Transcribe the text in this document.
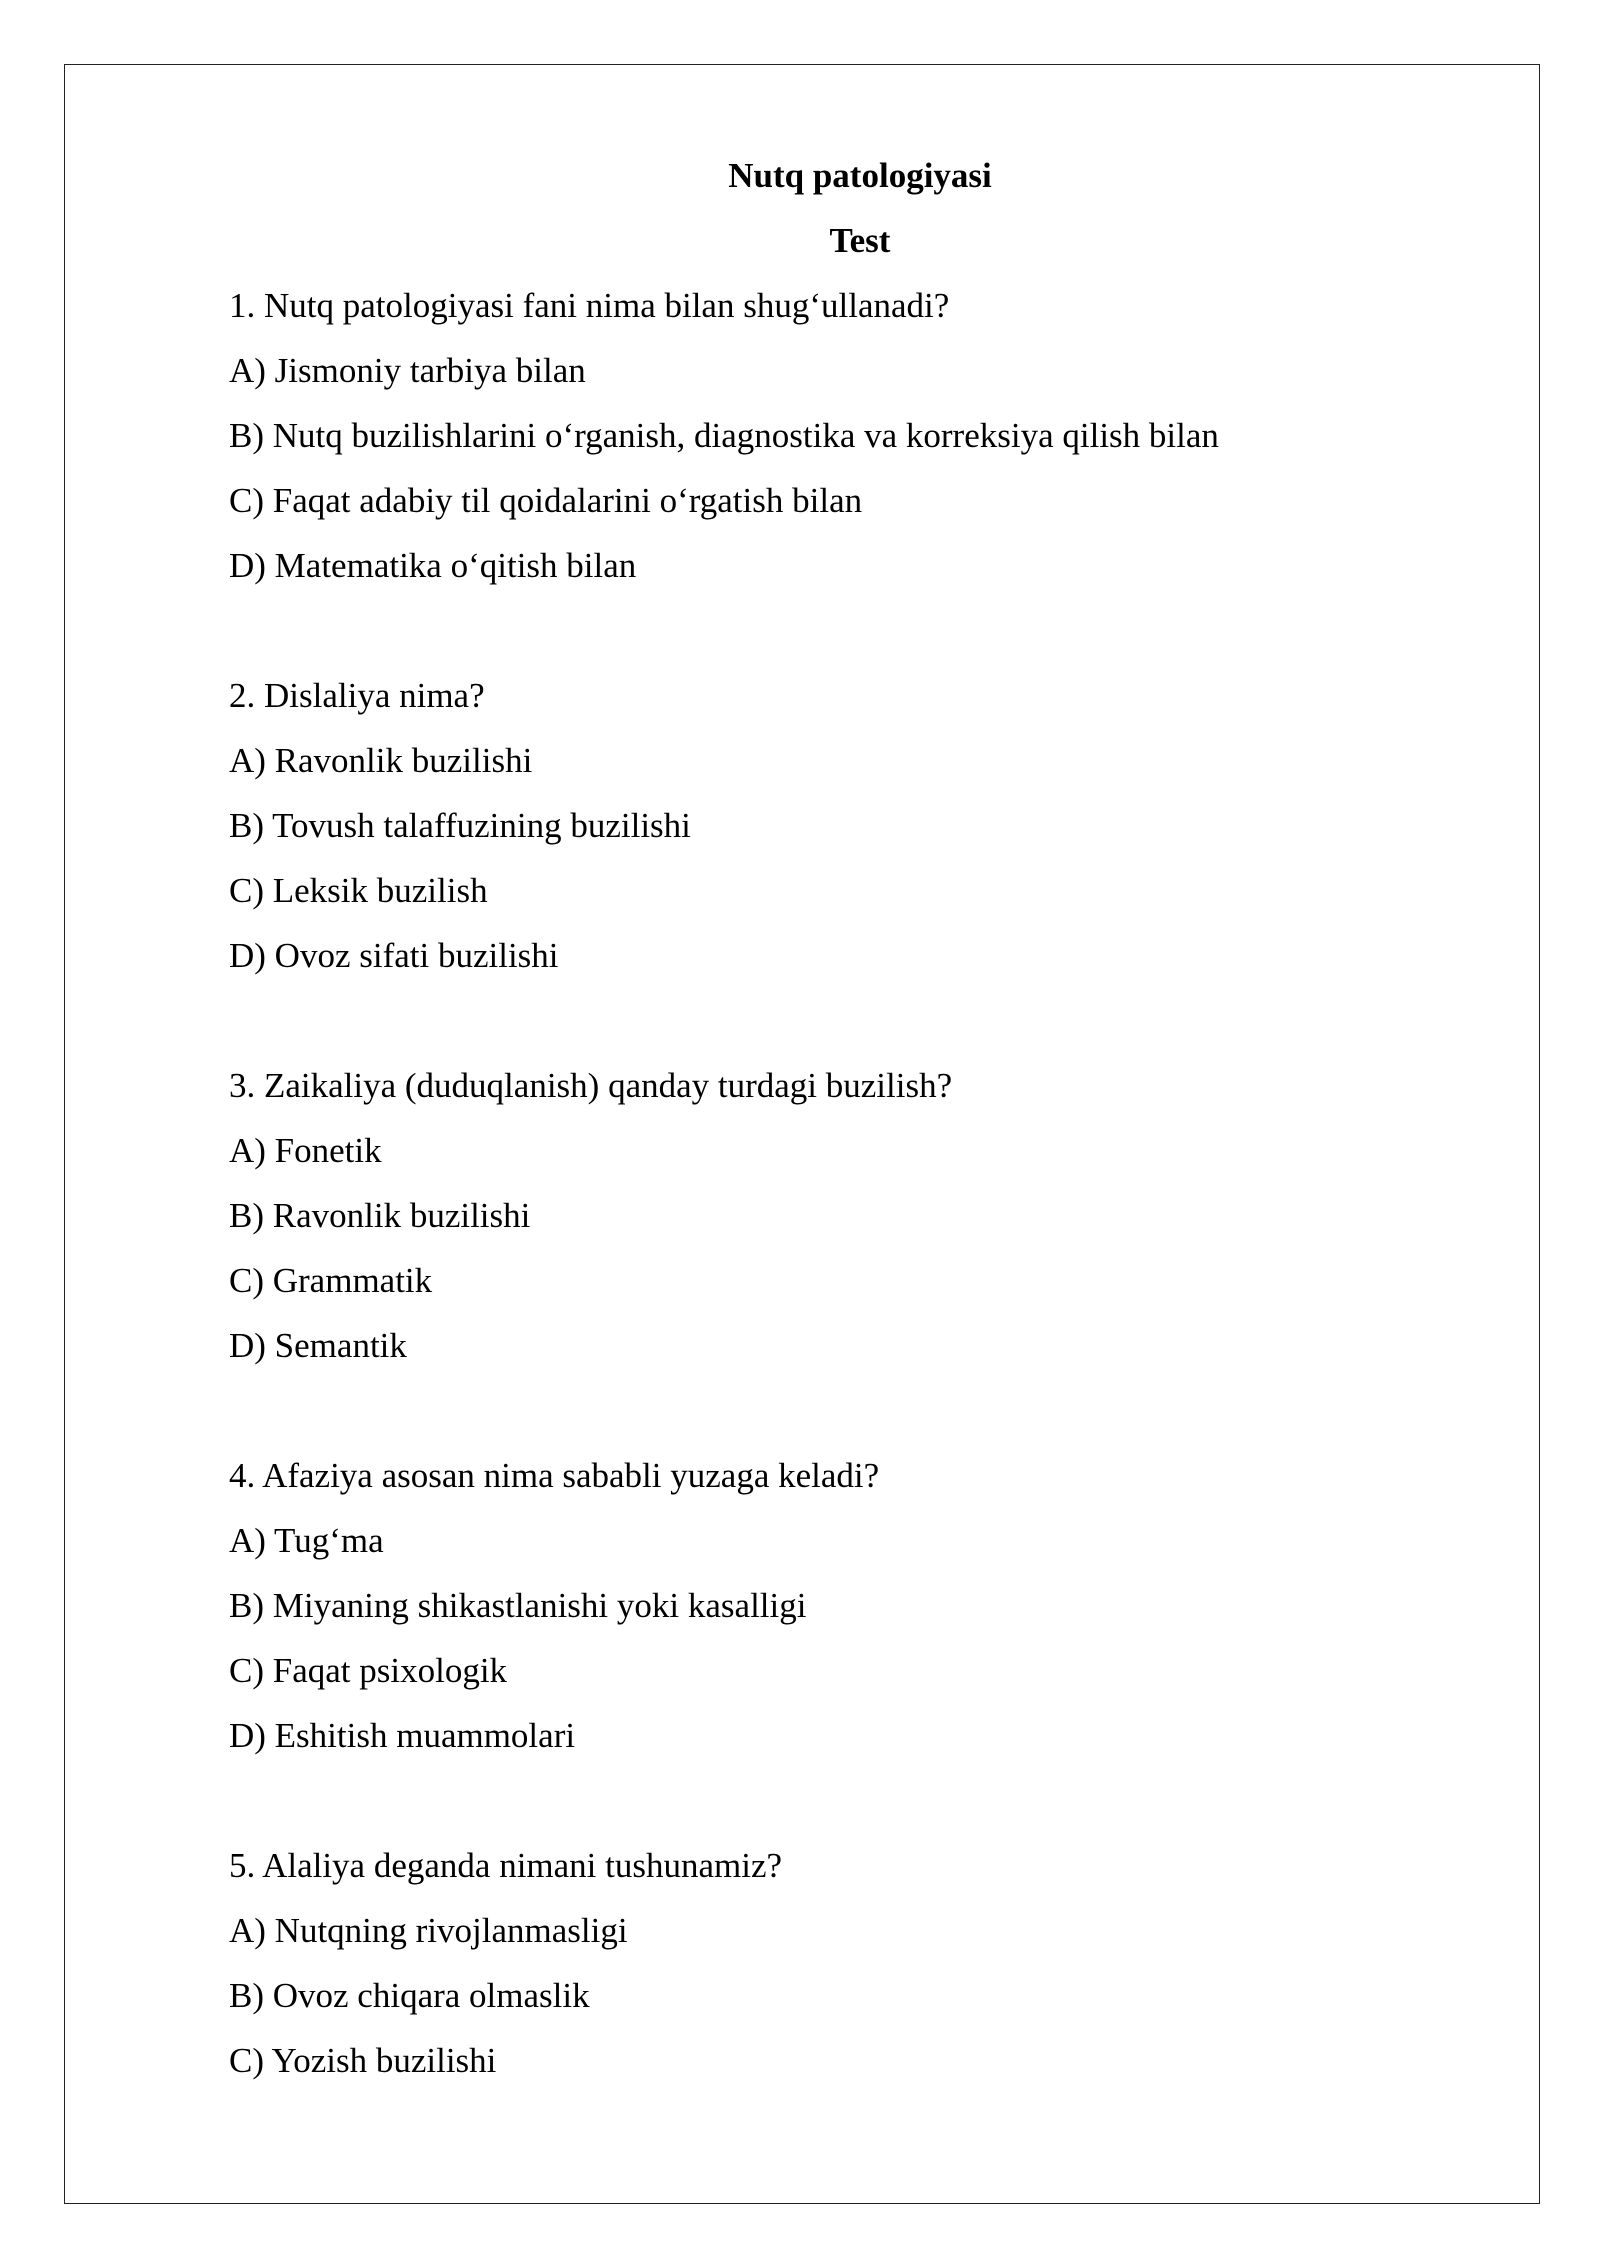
Nutq patologiyasi
Test
1. Nutq patologiyasi fani nima bilan shug‘ullanadi?
A) Jismoniy tarbiya bilan
B) Nutq buzilishlarini o‘rganish, diagnostika va korreksiya qilish bilan
C) Faqat adabiy til qoidalarini o‘rgatish bilan
D) Matematika o‘qitish bilan
2. Dislaliya nima?
A) Ravonlik buzilishi
B) Tovush talaffuzining buzilishi
C) Leksik buzilish
D) Ovoz sifati buzilishi
3. Zaikaliya (duduqlanish) qanday turdagi buzilish?
A) Fonetik
B) Ravonlik buzilishi
C) Grammatik
D) Semantik
4. Afaziya asosan nima sababli yuzaga keladi?
A) Tug‘ma
B) Miyaning shikastlanishi yoki kasalligi
C) Faqat psixologik
D) Eshitish muammolari
5. Alaliya deganda nimani tushunamiz?
A) Nutqning rivojlanmasligi
B) Ovoz chiqara olmaslik
C) Yozish buzilishi
